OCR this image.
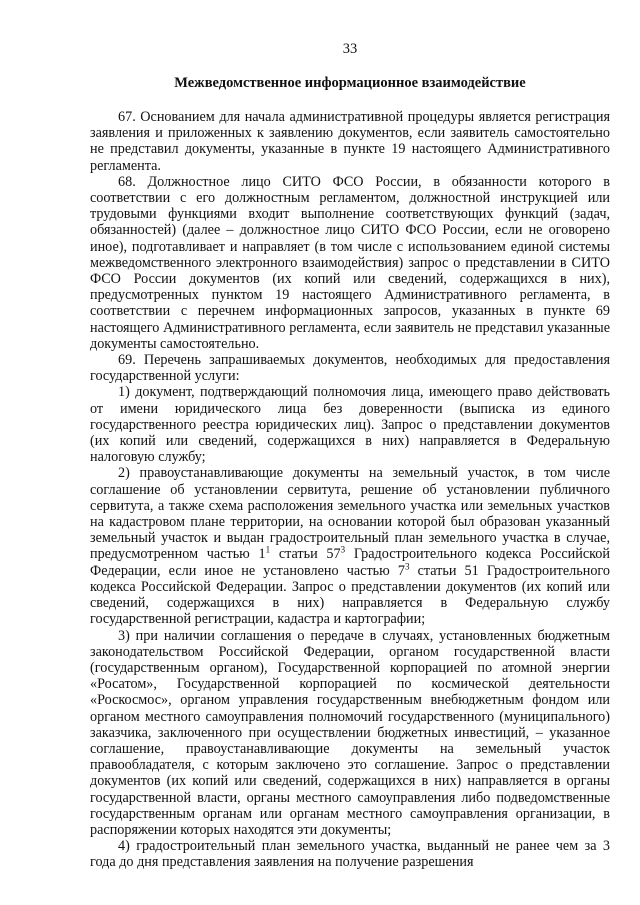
33
Межведомственное информационное взаимодействие

67. Основанием для начала административной процедуры является регистрация заявления и приложенных к заявлению документов, если заявитель самостоятельно не представил документы, указанные в пункте 19 настоящего Административного регламента.

68. Должностное лицо СИТО ФСО России, в обязанности которого в соответствии с его должностным регламентом, должностной инструкцией или трудовыми функциями входит выполнение соответствующих функций (задач, обязанностей) (далее – должностное лицо СИТО ФСО России, если не оговорено иное), подготавливает и направляет (в том числе с использованием единой системы межведомственного электронного взаимодействия) запрос о представлении в СИТО ФСО России документов (их копий или сведений, содержащихся в них), предусмотренных пунктом 19 настоящего Административного регламента, в соответствии с перечнем информационных запросов, указанных в пункте 69 настоящего Административного регламента, если заявитель не представил указанные документы самостоятельно.

69. Перечень запрашиваемых документов, необходимых для предоставления государственной услуги:

1) документ, подтверждающий полномочия лица, имеющего право действовать от имени юридического лица без доверенности (выписка из единого государственного реестра юридических лиц). Запрос о представлении документов (их копий или сведений, содержащихся в них) направляется в Федеральную налоговую службу;

2) правоустанавливающие документы на земельный участок, в том числе соглашение об установлении сервитута, решение об установлении публичного сервитута, а также схема расположения земельного участка или земельных участков на кадастровом плане территории, на основании которой был образован указанный земельный участок и выдан градостроительный план земельного участка в случае, предусмотренном частью $1^1$ статьи $57^3$ Градостроительного кодекса Российской Федерации, если иное не установлено частью $7^3$ статьи 51 Градостроительного кодекса Российской Федерации. Запрос о представлении документов (их копий или сведений, содержащихся в них) направляется в Федеральную службу государственной регистрации, кадастра и картографии;

3) при наличии соглашения о передаче в случаях, установленных бюджетным законодательством Российской Федерации, органом государственной власти (государственным органом), Государственной корпорацией по атомной энергии «Росатом», Государственной корпорацией по космической деятельности «Роскосмос», органом управления государственным внебюджетным фондом или органом местного самоуправления полномочий государственного (муниципального) заказчика, заключенного при осуществлении бюджетных инвестиций, – указанное соглашение, правоустанавливающие документы на земельный участок правообладателя, с которым заключено это соглашение. Запрос о представлении документов (их копий или сведений, содержащихся в них) направляется в органы государственной власти, органы местного самоуправления либо подведомственные государственным органам или органам местного самоуправления организации, в распоряжении которых находятся эти документы;

4) градостроительный план земельного участка, выданный не ранее чем за 3 года до дня представления заявления на получение разрешения
